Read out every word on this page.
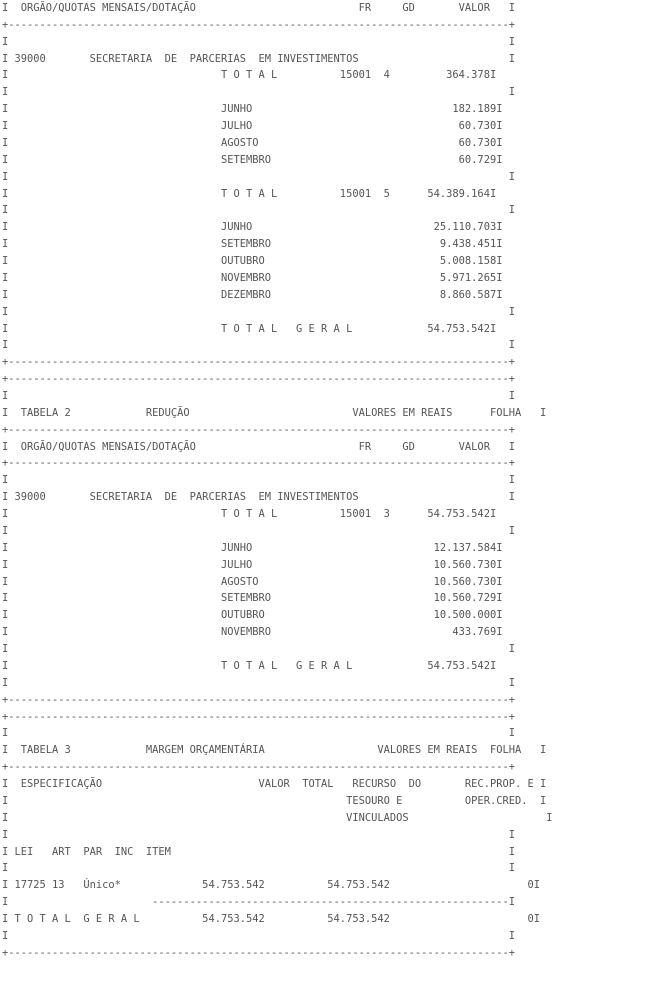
I  ORGÃO/QUOTAS MENSAIS/DOTAÇÃO                          FR     GD       VALOR   I
+--------------------------------------------------------------------------------+
I                                                                                I
I 39000       SECRETARIA  DE  PARCERIAS  EM INVESTIMENTOS                        I
I                                  T O T A L          15001  4         364.378I
I                                                                                I
I                                  JUNHO                                182.189I
I                                  JULHO                                 60.730I
I                                  AGOSTO                                60.730I
I                                  SETEMBRO                              60.729I
I                                                                                I
I                                  T O T A L          15001  5      54.389.164I
I                                                                                I
I                                  JUNHO                             25.110.703I
I                                  SETEMBRO                           9.438.451I
I                                  OUTUBRO                            5.008.158I
I                                  NOVEMBRO                           5.971.265I
I                                  DEZEMBRO                           8.860.587I
I                                                                                I
I                                  T O T A L   G E R A L            54.753.542I
I                                                                                I
+--------------------------------------------------------------------------------+
+--------------------------------------------------------------------------------+
I                                                                                I
I  TABELA 2            REDUÇÃO                          VALORES EM REAIS      FOLHA   I
+--------------------------------------------------------------------------------+
I  ORGÃO/QUOTAS MENSAIS/DOTAÇÃO                          FR     GD       VALOR   I
+--------------------------------------------------------------------------------+
I                                                                                I
I 39000       SECRETARIA  DE  PARCERIAS  EM INVESTIMENTOS                        I
I                                  T O T A L          15001  3      54.753.542I
I                                                                                I
I                                  JUNHO                             12.137.584I
I                                  JULHO                             10.560.730I
I                                  AGOSTO                            10.560.730I
I                                  SETEMBRO                          10.560.729I
I                                  OUTUBRO                           10.500.000I
I                                  NOVEMBRO                             433.769I
I                                                                                I
I                                  T O T A L   G E R A L            54.753.542I
I                                                                                I
+--------------------------------------------------------------------------------+
+--------------------------------------------------------------------------------+
I                                                                                I
I  TABELA 3            MARGEM ORÇAMENTÁRIA                  VALORES EM REAIS  FOLHA   I
+--------------------------------------------------------------------------------+
I  ESPECIFICAÇÃO                         VALOR  TOTAL   RECURSO  DO       REC.PROP. E I
I                                                      TESOURO E          OPER.CRED.  I
I                                                      VINCULADOS                      I
I                                                                                I
I LEI   ART  PAR  INC  ITEM                                                      I
I                                                                                I
I 17725 13   Único*             54.753.542          54.753.542                      0I
I                       ---------------------------------------------------------I
I T O T A L  G E R A L          54.753.542          54.753.542                      0I
I                                                                                I
+--------------------------------------------------------------------------------+
